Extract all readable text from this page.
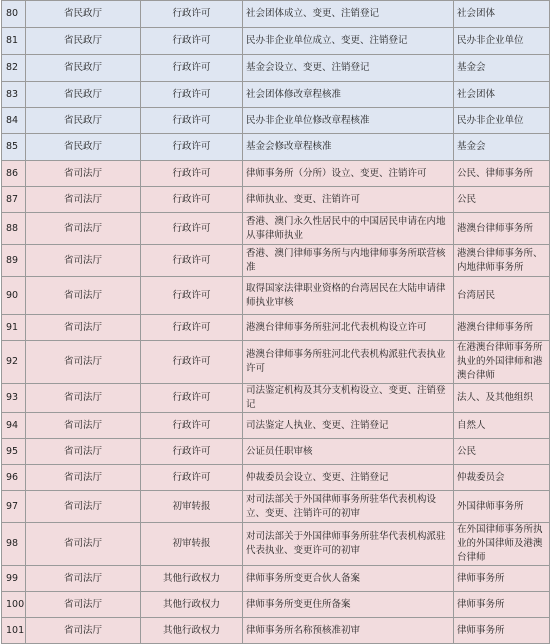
80	省民政厅	行政许可	社会团体成立、变更、注销登记	社会团体
81	省民政厅	行政许可	民办非企业单位成立、变更、注销登记	民办非企业单位
82	省民政厅	行政许可	基金会设立、变更、注销登记	基金会
83	省民政厅	行政许可	社会团体修改章程核准	社会团体
84	省民政厅	行政许可	民办非企业单位修改章程核准	民办非企业单位
85	省民政厅	行政许可	基金会修改章程核准	基金会
86	省司法厅	行政许可	律师事务所（分所）设立、变更、注销许可	公民、律师事务所
87	省司法厅	行政许可	律师执业、变更、注销许可	公民
88	省司法厅	行政许可	香港、澳门永久性居民中的中国居民申请在内地从事律师执业	港澳台律师事务所
89	省司法厅	行政许可	香港、澳门律师事务所与内地律师事务所联营核准	港澳台律师事务所、内地律师事务所
90	省司法厅	行政许可	取得国家法律职业资格的台湾居民在大陆申请律师执业审核	台湾居民
91	省司法厅	行政许可	港澳台律师事务所驻河北代表机构设立许可	港澳台律师事务所
92	省司法厅	行政许可	港澳台律师事务所驻河北代表机构派驻代表执业许可	在港澳台律师事务所执业的外国律师和港澳台律师
93	省司法厅	行政许可	司法鉴定机构及其分支机构设立、变更、注销登记	法人、及其他组织
94	省司法厅	行政许可	司法鉴定人执业、变更、注销登记	自然人
95	省司法厅	行政许可	公证员任职审核	公民
96	省司法厅	行政许可	仲裁委员会设立、变更、注销登记	仲裁委员会
97	省司法厅	初审转报	对司法部关于外国律师事务所驻华代表机构设立、变更、注销许可的初审	外国律师事务所
98	省司法厅	初审转报	对司法部关于外国律师事务所驻华代表机构派驻代表执业、变更许可的初审	在外国律师事务所执业的外国律师及港澳台律师
99	省司法厅	其他行政权力	律师事务所变更合伙人备案	律师事务所
100	省司法厅	其他行政权力	律师事务所变更住所备案	律师事务所
101	省司法厅	其他行政权力	律师事务所名称预核准初审	律师事务所
